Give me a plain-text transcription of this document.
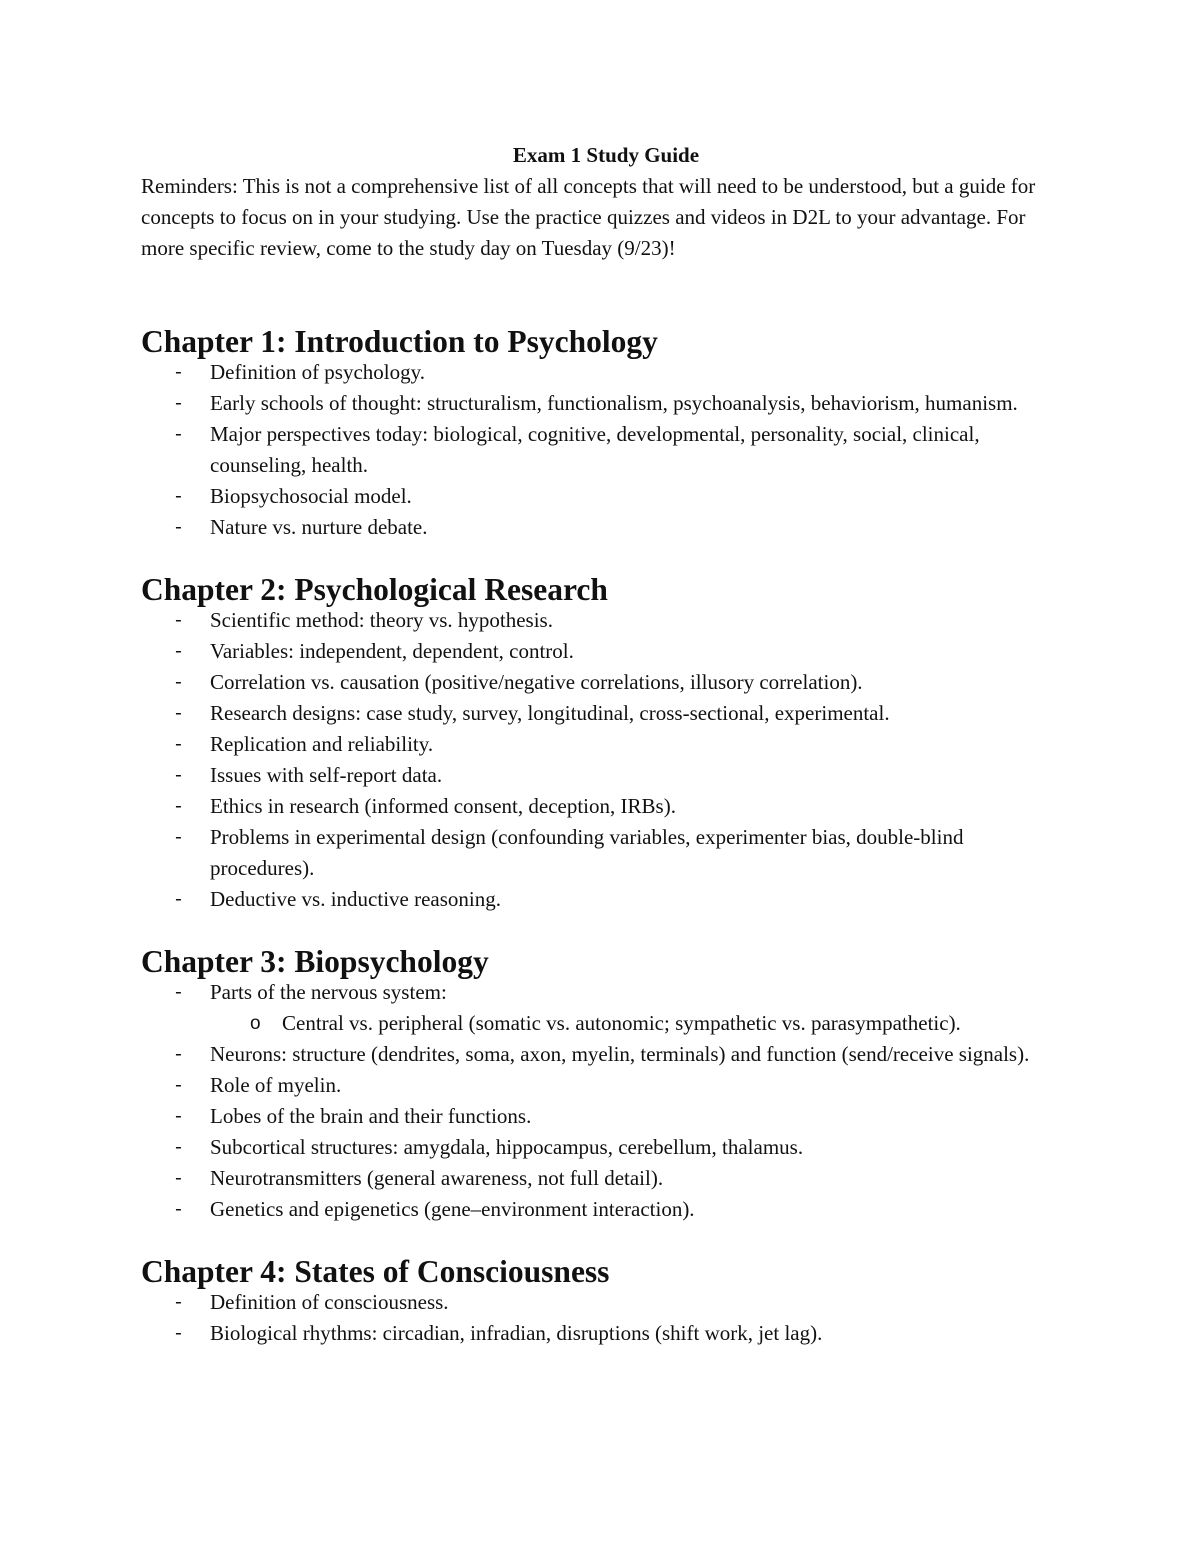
Exam 1 Study Guide

Reminders: This is not a comprehensive list of all concepts that will need to be understood, but a guide for concepts to focus on in your studying. Use the practice quizzes and videos in D2L to your advantage. For more specific review, come to the study day on Tuesday (9/23)!

Chapter 1: Introduction to Psychology
-	Definition of psychology.
-	Early schools of thought: structuralism, functionalism, psychoanalysis, behaviorism, humanism.
-	Major perspectives today: biological, cognitive, developmental, personality, social, clinical, counseling, health.
-	Biopsychosocial model.
-	Nature vs. nurture debate.
Chapter 2: Psychological Research
-	Scientific method: theory vs. hypothesis.
-	Variables: independent, dependent, control.
-	Correlation vs. causation (positive/negative correlations, illusory correlation).
-	Research designs: case study, survey, longitudinal, cross-sectional, experimental.
-	Replication and reliability.
-	Issues with self-report data.
-	Ethics in research (informed consent, deception, IRBs).
-	Problems in experimental design (confounding variables, experimenter bias, double-blind procedures).
-	Deductive vs. inductive reasoning.
Chapter 3: Biopsychology
-	Parts of the nervous system:
o Central vs. peripheral (somatic vs. autonomic; sympathetic vs. parasympathetic).
-	Neurons: structure (dendrites, soma, axon, myelin, terminals) and function (send/receive signals).
-	Role of myelin.
-	Lobes of the brain and their functions.
-	Subcortical structures: amygdala, hippocampus, cerebellum, thalamus.
-	Neurotransmitters (general awareness, not full detail).
-	Genetics and epigenetics (gene–environment interaction).
Chapter 4: States of Consciousness
-	Definition of consciousness.
-	Biological rhythms: circadian, infradian, disruptions (shift work, jet lag).
